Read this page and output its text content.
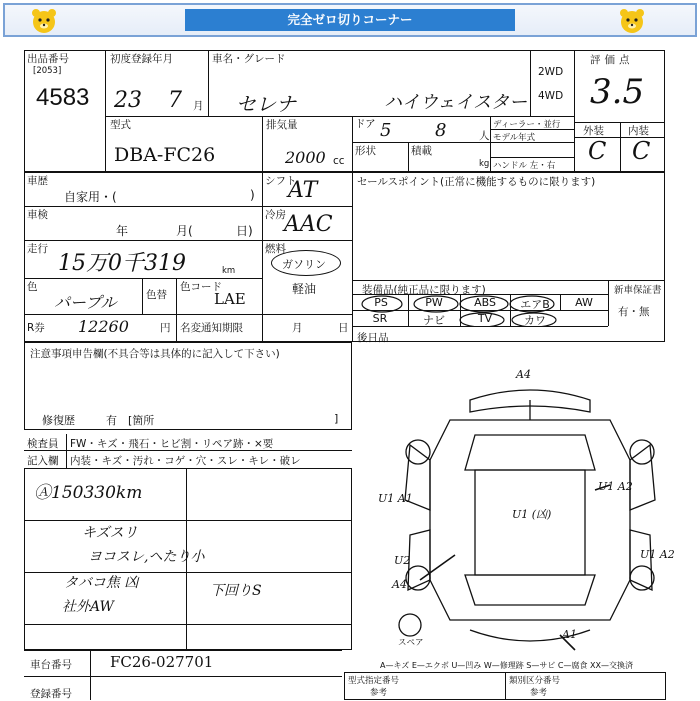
完全ゼロ切りコーナー
出品番号
[2053]
4583
初度登録年月
23 7 月
車名・グレード
セレナ	ハイウェイスター
2WD
4WD
評価点
3.5
型式
DBA-FC26
排気量
2000 cc
ドア 5 8	人
形状	積載
kg
ディーラー・並行
モデル年式
ハンドル 左・右
外装 内装
C C
車歴
自家用・(	)
車検
年	月(	日)
走行
15万0千319	km
色
パープル	色替
色コード
LAE
R券 12260	円 名変通知期限	月	日
シフト
AT
冷房
AAC
燃料
ガソリン
軽油
セールスポイント(正常に機能するものに限ります)
装備品(純正品に限ります)	新車保証書
有・無
PS	PW	ABS	エアB	AW
SR	ナビ	TV	カワ
後日品
注意事項申告欄(不具合等は具体的に記入して下さい)
修復歴	有 [箇所	]
検査員
記入欄
FW・キズ・飛石・ヒビ割・リペア跡・×要
内装・キズ・汚れ・コゲ・穴・スレ・キレ・破レ
Ⓐ150330km
キズスリ
ヨコスレ,ヘたり小
タバコ焦 凶
社外AW
下回りS
A4
U1 A1
U1 (凶)
U1 A2
U1 A2
U2
A4
A1
スペア
A—キズ E—エクボ U—凹み W—修理跡 S—サビ C—腐食 XX—交換済
車台番号	FC26-027701
登録番号
型式指定番号
参考
類別区分番号
参考
